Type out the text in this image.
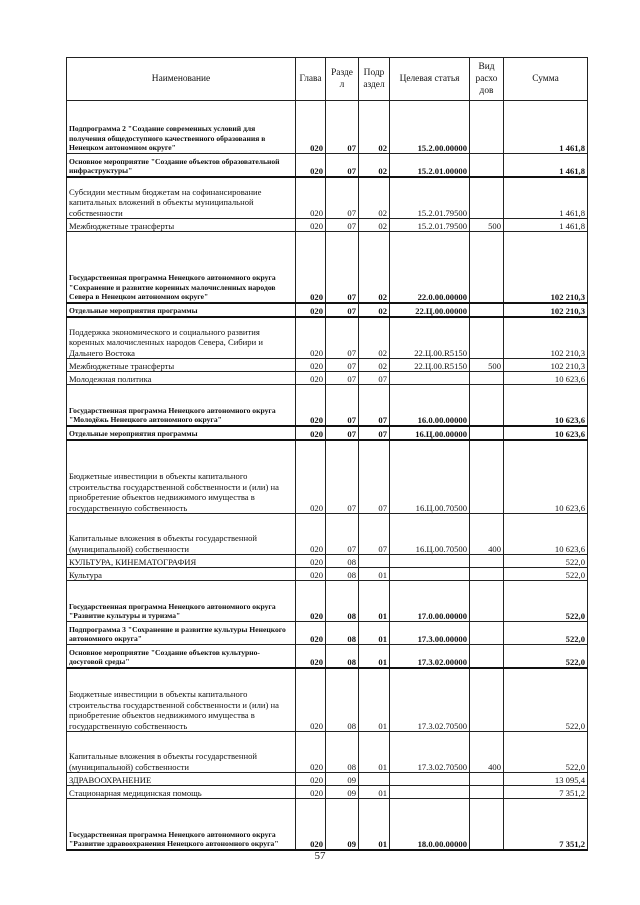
Наименование	Глава	Разде л	Подр аздел	Целевая статья	Вид расхо дов	Сумма
Подпрограмма 2 "Создание современных условий для получения общедоступного качественного образования в Ненецком автономном округе"	020	07	02	15.2.00.00000		1 461,8
Основное мероприятие "Создание объектов образовательной инфраструктуры"	020	07	02	15.2.01.00000		1 461,8
Субсидии местным бюджетам на софинансирование капитальных вложений в объекты муниципальной собственности	020	07	02	15.2.01.79500		1 461,8
Межбюджетные трансферты	020	07	02	15.2.01.79500	500	1 461,8
Государственная программа Ненецкого автономного округа "Сохранение и развитие коренных малочисленных народов Севера в Ненецком автономном округе"	020	07	02	22.0.00.00000		102 210,3
Отдельные мероприятия программы	020	07	02	22.Ц.00.00000		102 210,3
Поддержка экономического и социального развития коренных малочисленных народов Севера, Сибири и Дальнего Востока	020	07	02	22.Ц.00.R5150		102 210,3
Межбюджетные трансферты	020	07	02	22.Ц.00.R5150	500	102 210,3
Молодежная политика	020	07	07			10 623,6
Государственная программа Ненецкого автономного округа "Молодёжь Ненецкого автономного округа"	020	07	07	16.0.00.00000		10 623,6
Отдельные мероприятия программы	020	07	07	16.Ц.00.00000		10 623,6
Бюджетные инвестиции в объекты капитального строительства государственной собственности и (или) на приобретение объектов недвижимого имущества в государственную собственность	020	07	07	16.Ц.00.70500		10 623,6
Капитальные вложения в объекты государственной (муниципальной) собственности	020	07	07	16.Ц.00.70500	400	10 623,6
КУЛЬТУРА, КИНЕМАТОГРАФИЯ	020	08				522,0
Культура	020	08	01			522,0
Государственная программа Ненецкого автономного округа "Развитие культуры и туризма"	020	08	01	17.0.00.00000		522,0
Подпрограмма 3 "Сохранение и развитие культуры Ненецкого автономного округа"	020	08	01	17.3.00.00000		522,0
Основное мероприятие "Создание объектов культурно-досуговой среды"	020	08	01	17.3.02.00000		522,0
Бюджетные инвестиции в объекты капитального строительства государственной собственности и (или) на приобретение объектов недвижимого имущества в государственную собственность	020	08	01	17.3.02.70500		522,0
Капитальные вложения в объекты государственной (муниципальной) собственности	020	08	01	17.3.02.70500	400	522,0
ЗДРАВООХРАНЕНИЕ	020	09				13 095,4
Стационарная медицинская помощь	020	09	01			7 351,2
Государственная программа Ненецкого автономного округа "Развитие здравоохранения Ненецкого автономного округа"	020	09	01	18.0.00.00000		7 351,2
57
